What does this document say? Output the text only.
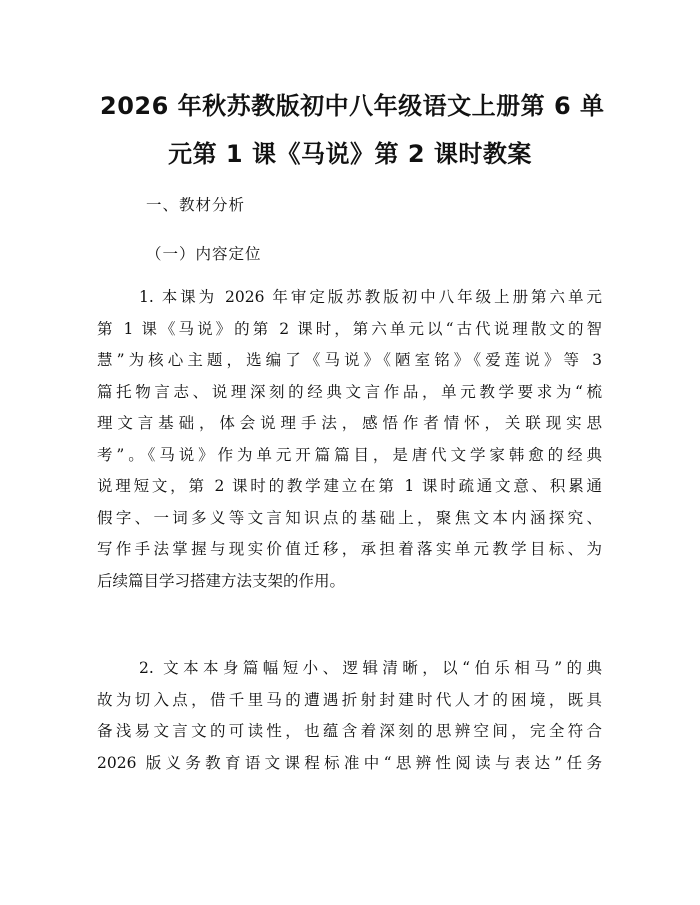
2026 年秋苏教版初中八年级语文上册第 6 单
元第 1 课《马说》第 2 课时教案
一、教材分析
（一）内容定位
1. 本课为 2026 年审定版苏教版初中八年级上册第六单元
第 1 课《马说》的第 2 课时，第六单元以“古代说理散文的智
慧”为核心主题，选编了《马说》《陋室铭》《爱莲说》等 3
篇托物言志、说理深刻的经典文言作品，单元教学要求为“梳
理文言基础，体会说理手法，感悟作者情怀，关联现实思
考”。《马说》作为单元开篇篇目，是唐代文学家韩愈的经典
说理短文，第 2 课时的教学建立在第 1 课时疏通文意、积累通
假字、一词多义等文言知识点的基础上，聚焦文本内涵探究、
写作手法掌握与现实价值迁移，承担着落实单元教学目标、为
后续篇目学习搭建方法支架的作用。
2. 文本本身篇幅短小、逻辑清晰，以“伯乐相马”的典
故为切入点，借千里马的遭遇折射封建时代人才的困境，既具
备浅易文言文的可读性，也蕴含着深刻的思辨空间，完全符合
2026 版义务教育语文课程标准中“思辨性阅读与表达”任务
